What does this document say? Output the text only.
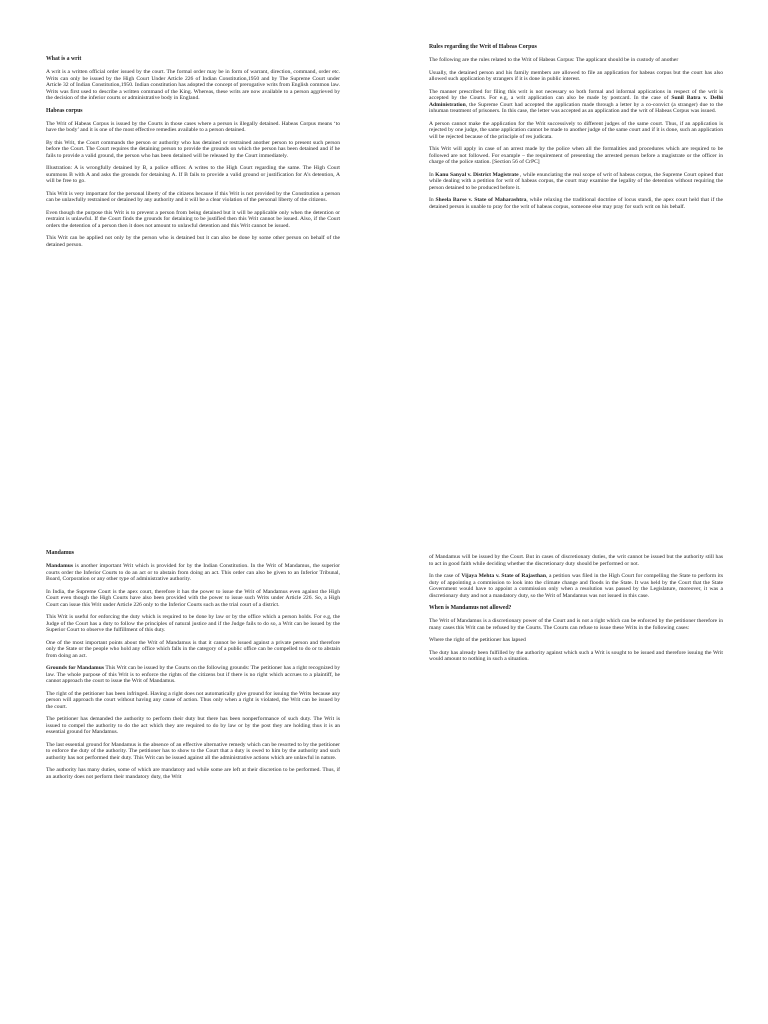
What is a writ

A writ is a written official order issued by the court. The formal order may be in form of warrant, direction, command, order etc. Writs can only be issued by the High Court Under Article 226 of Indian Constitution,1950 and by The Supreme Court under Article 32 of Indian Constitution,1950. Indian constitution has adopted the concept of prerogative writs from English common law. Writs was first used to describe a written command of the King. Whereas, these writs are now available to a person aggrieved by the decision of the inferior courts or administrative body in England.

Habeas corpus

The Writ of Habeas Corpus is issued by the Courts in those cases where a person is illegally detained. Habeas Corpus means ‘to have the body’ and it is one of the most effective remedies available to a person detained.

By this Writ, the Court commands the person or authority who has detained or restrained another person to present such person before the Court. The Court requires the detaining person to provide the grounds on which the person has been detained and if he fails to provide a valid ground, the person who has been detained will be released by the Court immediately.

Illustration: A is wrongfully detained by B, a police officer. A writes to the High Court regarding the same. The High Court summons B with A and asks the grounds for detaining A. If B fails to provide a valid ground or justification for A’s detention, A will be free to go.

This Writ is very important for the personal liberty of the citizens because if this Writ is not provided by the Constitution a person can be unlawfully restrained or detained by any authority and it will be a clear violation of the personal liberty of the citizens.

Even though the purpose this Writ is to prevent a person from being detained but it will be applicable only when the detention or restraint is unlawful. If the Court finds the grounds for detaining to be justified then this Writ cannot be issued. Also, if the Court orders the detention of a person then it does not amount to unlawful detention and this Writ cannot be issued.

This Writ can be applied not only by the person who is detained but it can also be done by some other person on behalf of the detained person.

Rules regarding the Writ of Habeas Corpus

The following are the rules related to the Writ of Habeas Corpus: The applicant should be in custody of another

Usually, the detained person and his family members are allowed to file an application for habeas corpus but the court has also allowed such application by strangers if it is done in public interest.

The manner prescribed for filing this writ is not necessary so both formal and informal applications in respect of the writ is accepted by the Courts. For e.g, a writ application can also be made by postcard. In the case of Sunil Batra v. Delhi Administration, the Supreme Court had accepted the application made through a letter by a co-convict (a stranger) due to the inhuman treatment of prisoners. In this case, the letter was accepted as an application and the writ of Habeas Corpus was issued.

A person cannot make the application for the Writ successively to different judges of the same court. Thus, if an application is rejected by one judge, the same application cannot be made to another judge of the same court and if it is done, such an application will be rejected because of the principle of res judicata.

This Writ will apply in case of an arrest made by the police when all the formalities and procedures which are required to be followed are not followed. For example – the requirement of presenting the arrested person before a magistrate or the officer in charge of the police station. [Section 56 of CrPC]

In Kanu Sanyal v. District Magistrate , while enunciating the real scope of writ of habeas corpus, the Supreme Court opined that while dealing with a petition for writ of habeas corpus, the court may examine the legality of the detention without requiring the person detained to be produced before it.

In Sheela Barse v. State of Maharashtra, while relaxing the traditional doctrine of locus standi, the apex court held that if the detained person is unable to pray for the writ of habeas corpus, someone else may pray for such writ on his behalf.

Mandamus

Mandamus is another important Writ which is provided for by the Indian Constitution. In the Writ of Mandamus, the superior courts order the Inferior Courts to do an act or to abstain from doing an act. This order can also be given to an Inferior Tribunal, Board, Corporation or any other type of administrative authority.

In India, the Supreme Court is the apex court, therefore it has the power to issue the Writ of Mandamus even against the High Court even though the High Courts have also been provided with the power to issue such Writs under Article 226. So, a High Court can issue this Writ under Article 226 only to the Inferior Courts such as the trial court of a district.

This Writ is useful for enforcing the duty which is required to be done by law or by the office which a person holds. For e.g, the Judge of the Court has a duty to follow the principles of natural justice and if the Judge fails to do so, a Writ can be issued by the Superior Court to observe the fulfillment of this duty.

One of the most important points about the Writ of Mandamus is that it cannot be issued against a private person and therefore only the State or the people who hold any office which falls in the category of a public office can be compelled to do or to abstain from doing an act.

Grounds for Mandamus This Writ can be issued by the Courts on the following grounds: The petitioner has a right recognized by law. The whole purpose of this Writ is to enforce the rights of the citizens but if there is no right which accrues to a plaintiff, he cannot approach the court to issue the Writ of Mandamus.

The right of the petitioner has been infringed. Having a right does not automatically give ground for issuing the Writs because any person will approach the court without having any cause of action. Thus only when a right is violated, the Writ can be issued by the court.

The petitioner has demanded the authority to perform their duty but there has been nonperformance of such duty. The Writ is issued to compel the authority to do the act which they are required to do by law or by the post they are holding thus it is an essential ground for Mandamus.

The last essential ground for Mandamus is the absence of an effective alternative remedy which can be resorted to by the petitioner to enforce the duty of the authority. The petitioner has to show to the Court that a duty is owed to him by the authority and such authority has not performed their duty. This Writ can be issued against all the administrative actions which are unlawful in nature.

The authority has many duties, some of which are mandatory and while some are left at their discretion to be performed. Thus, if an authority does not perform their mandatory duty, the Writ

of Mandamus will be issued by the Court. But in cases of discretionary duties, the writ cannot be issued but the authority still has to act in good faith while deciding whether the discretionary duty should be performed or not.

In the case of Vijaya Mehta v. State of Rajasthan, a petition was filed in the High Court for compelling the State to perform its duty of appointing a commission to look into the climate change and floods in the State. It was held by the Court that the State Government would have to appoint a commission only when a resolution was passed by the Legislature, moreover, it was a discretionary duty and not a mandatory duty, so the Writ of Mandamus was not issued in this case.

When is Mandamus not allowed?

The Writ of Mandamus is a discretionary power of the Court and is not a right which can be enforced by the petitioner therefore in many cases this Writ can be refused by the Courts. The Courts can refuse to issue these Writs in the following cases:

Where the right of the petitioner has lapsed

The duty has already been fulfilled by the authority against which such a Writ is sought to be issued and therefore issuing the Writ would amount to nothing in such a situation.
